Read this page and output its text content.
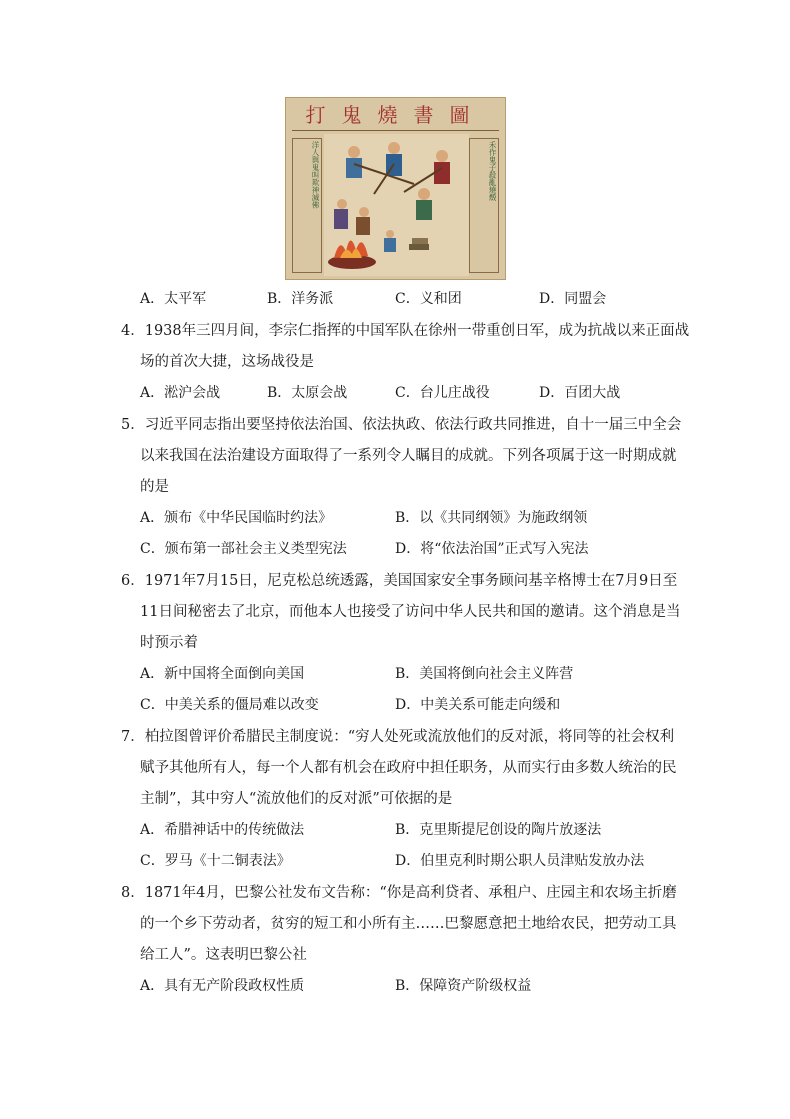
打鬼燒書圖
洋人與鬼叫欺神滅佛	禾作鬼子殺亂燒燬
A．太平军	B．洋务派	C．义和团	D．同盟会
4．1938年三四月间，李宗仁指挥的中国军队在徐州一带重创日军，成为抗战以来正面战
场的首次大捷，这场战役是
A．淞沪会战	B．太原会战	C．台儿庄战役	D．百团大战
5．习近平同志指出要坚持依法治国、依法执政、依法行政共同推进，自十一届三中全会
以来我国在法治建设方面取得了一系列令人瞩目的成就。下列各项属于这一时期成就
的是
A．颁布《中华民国临时约法》	B．以《共同纲领》为施政纲领
C．颁布第一部社会主义类型宪法	D．将“依法治国”正式写入宪法
6．1971年7月15日，尼克松总统透露，美国国家安全事务顾问基辛格博士在7月9日至
11日间秘密去了北京，而他本人也接受了访问中华人民共和国的邀请。这个消息是当
时预示着
A．新中国将全面倒向美国	B．美国将倒向社会主义阵营
C．中美关系的僵局难以改变	D．中美关系可能走向缓和
7．柏拉图曾评价希腊民主制度说：“穷人处死或流放他们的反对派，将同等的社会权利
赋予其他所有人，每一个人都有机会在政府中担任职务，从而实行由多数人统治的民
主制”，其中穷人“流放他们的反对派”可依据的是
A．希腊神话中的传统做法	B．克里斯提尼创设的陶片放逐法
C．罗马《十二铜表法》	D．伯里克利时期公职人员津贴发放办法
8．1871年4月，巴黎公社发布文告称：“你是高利贷者、承租户、庄园主和农场主折磨
的一个乡下劳动者，贫穷的短工和小所有主……巴黎愿意把土地给农民，把劳动工具
给工人”。这表明巴黎公社
A．具有无产阶段政权性质	B．保障资产阶级权益
